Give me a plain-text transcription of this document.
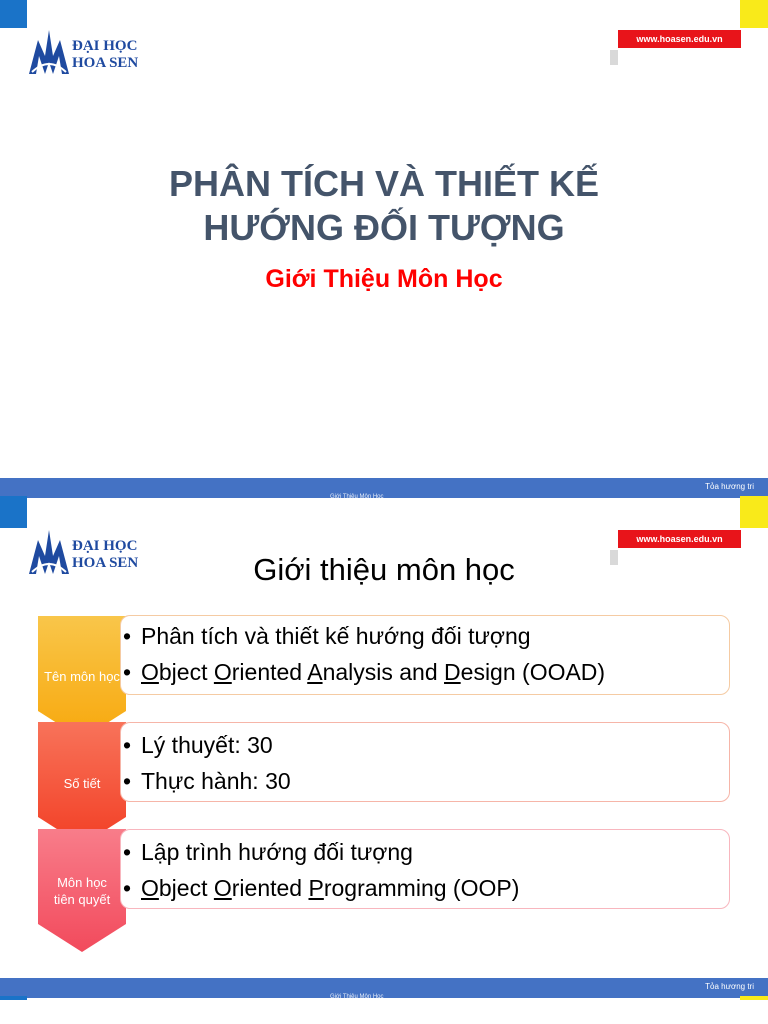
ĐẠI HỌC
HOA SEN
www.hoasen.edu.vn
PHÂN TÍCH VÀ THIẾT KẾ
HƯỚNG ĐỐI TƯỢNG
Giới Thiệu Môn Học
Tỏa hương tri
Giới Thiệu Môn Học
ĐẠI HỌC
HOA SEN
www.hoasen.edu.vn
Giới thiệu môn học
Tên môn học
• Phân tích và thiết kế hướng đối tượng
• Object Oriented Analysis and Design (OOAD)
Số tiết
• Lý thuyết: 30
• Thực hành: 30
Môn học
tiên quyết
• Lập trình hướng đối tượng
• Object Oriented Programming (OOP)
Tỏa hương tri
Giới Thiệu Môn Học
